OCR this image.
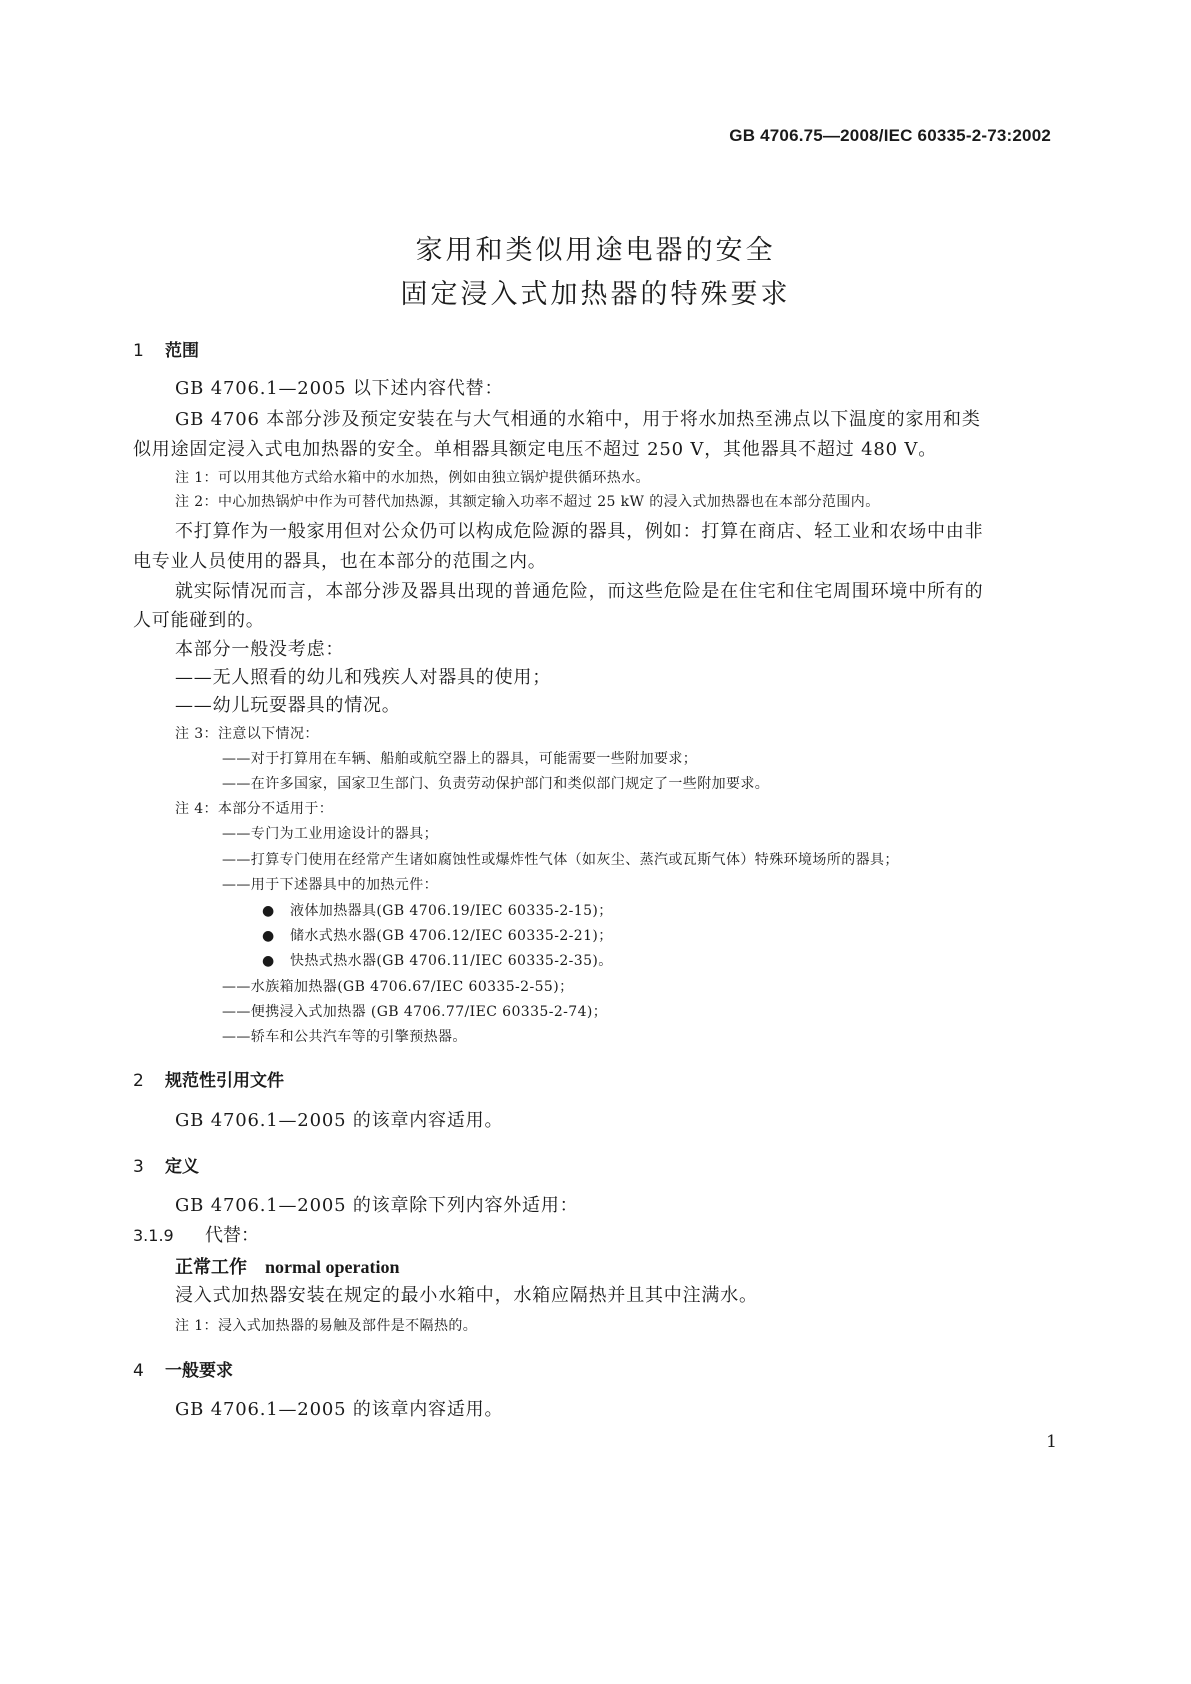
GB 4706.75—2008/IEC 60335-2-73:2002
家用和类似用途电器的安全
固定浸入式加热器的特殊要求
1 范围
GB 4706.1—2005 以下述内容代替：
GB 4706 本部分涉及预定安装在与大气相通的水箱中，用于将水加热至沸点以下温度的家用和类
似用途固定浸入式电加热器的安全。单相器具额定电压不超过 250 V，其他器具不超过 480 V。
注 1：可以用其他方式给水箱中的水加热，例如由独立锅炉提供循环热水。
注 2：中心加热锅炉中作为可替代加热源，其额定输入功率不超过 25 kW 的浸入式加热器也在本部分范围内。
不打算作为一般家用但对公众仍可以构成危险源的器具，例如：打算在商店、轻工业和农场中由非
电专业人员使用的器具，也在本部分的范围之内。
就实际情况而言，本部分涉及器具出现的普通危险，而这些危险是在住宅和住宅周围环境中所有的
人可能碰到的。
本部分一般没考虑：
——无人照看的幼儿和残疾人对器具的使用；
——幼儿玩耍器具的情况。
注 3：注意以下情况：
——对于打算用在车辆、船舶或航空器上的器具，可能需要一些附加要求；
——在许多国家，国家卫生部门、负责劳动保护部门和类似部门规定了一些附加要求。
注 4：本部分不适用于：
——专门为工业用途设计的器具；
——打算专门使用在经常产生诸如腐蚀性或爆炸性气体（如灰尘、蒸汽或瓦斯气体）特殊环境场所的器具；
——用于下述器具中的加热元件：
● 液体加热器具(GB 4706.19/IEC 60335-2-15)；
● 储水式热水器(GB 4706.12/IEC 60335-2-21)；
● 快热式热水器(GB 4706.11/IEC 60335-2-35)。
——水族箱加热器(GB 4706.67/IEC 60335-2-55)；
——便携浸入式加热器 (GB 4706.77/IEC 60335-2-74)；
——轿车和公共汽车等的引擎预热器。
2 规范性引用文件
GB 4706.1—2005 的该章内容适用。
3 定义
GB 4706.1—2005 的该章除下列内容外适用：
3.1.9 代替：
正常工作 normal operation
浸入式加热器安装在规定的最小水箱中，水箱应隔热并且其中注满水。
注 1：浸入式加热器的易触及部件是不隔热的。
4 一般要求
GB 4706.1—2005 的该章内容适用。
1
